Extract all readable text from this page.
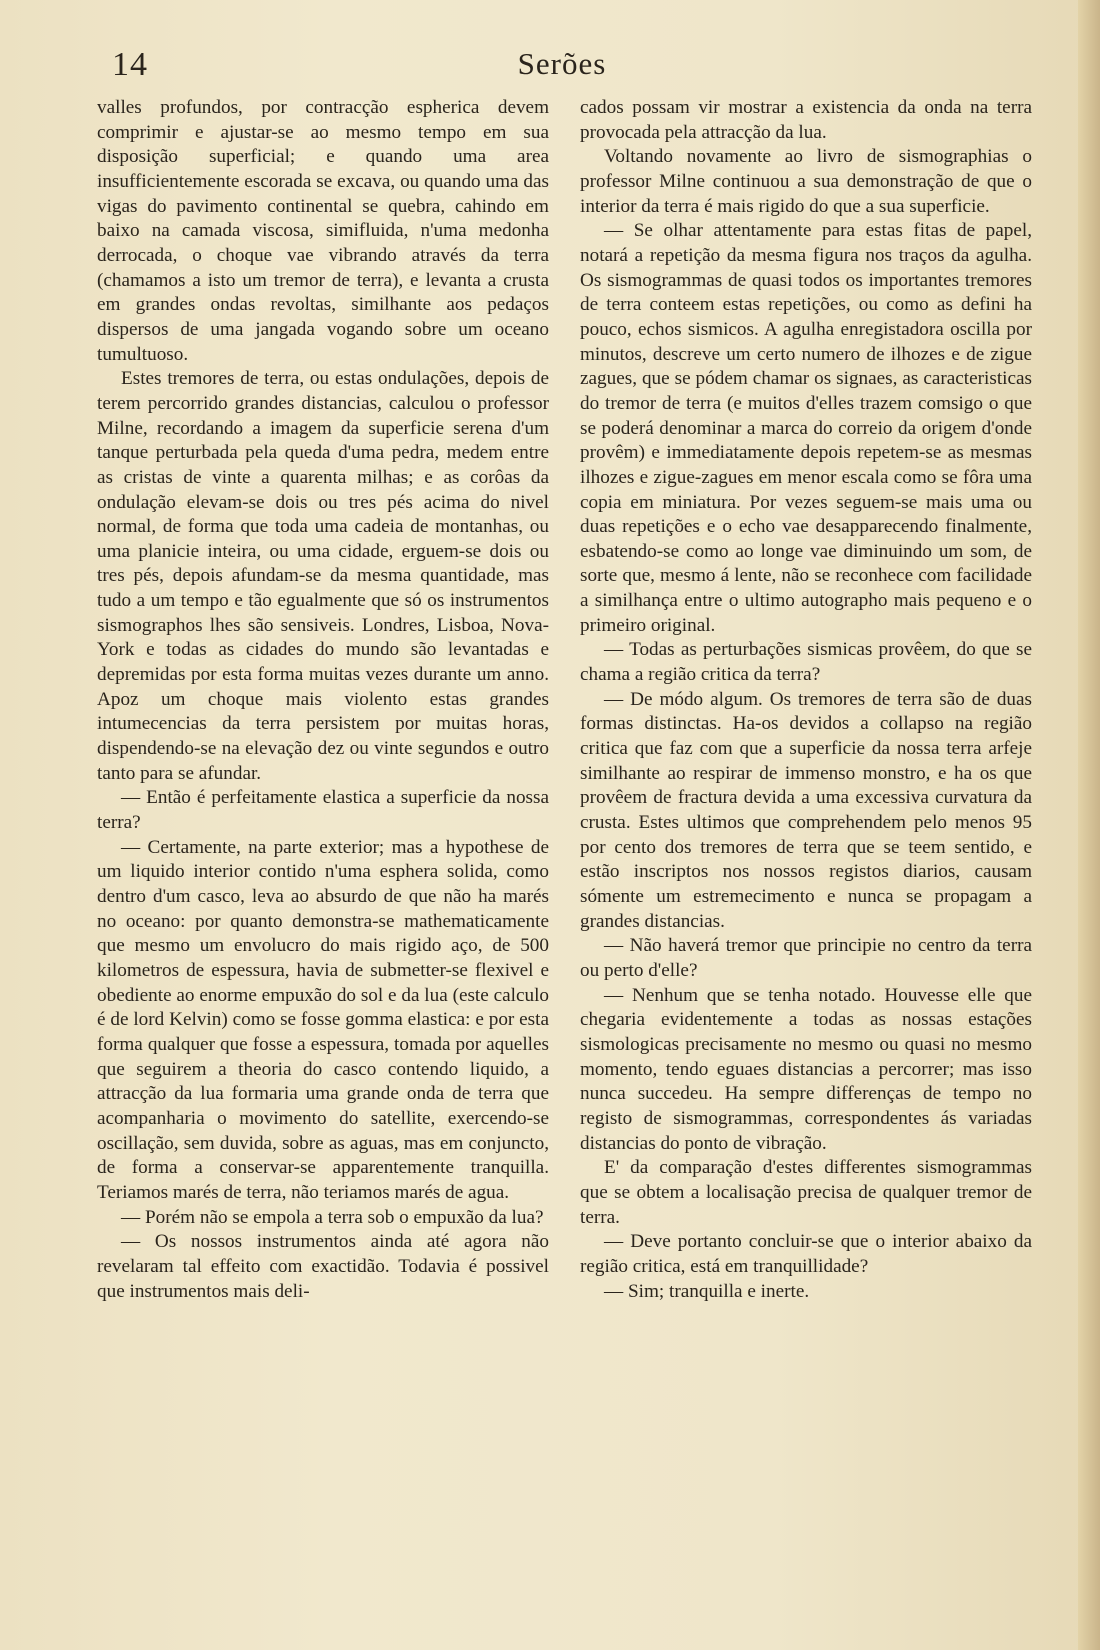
14	Serões

valles profundos, por contracção espherica devem comprimir e ajustar-se ao mesmo tempo em sua disposição superficial; e quando uma area insufficientemente escorada se excava, ou quando uma das vigas do pavimento continental se quebra, cahindo em baixo na camada viscosa, simifluida, n'uma medonha derrocada, o choque vae vibrando através da terra (chamamos a isto um tremor de terra), e levanta a crusta em grandes ondas revoltas, similhante aos pedaços dispersos de uma jangada vogando sobre um oceano tumultuoso.

Estes tremores de terra, ou estas ondulações, depois de terem percorrido grandes distancias, calculou o professor Milne, recordando a imagem da superficie serena d'um tanque perturbada pela queda d'uma pedra, medem entre as cristas de vinte a quarenta milhas; e as corôas da ondulação elevam-se dois ou tres pés acima do nivel normal, de forma que toda uma cadeia de montanhas, ou uma planicie inteira, ou uma cidade, erguem-se dois ou tres pés, depois afundam-se da mesma quantidade, mas tudo a um tempo e tão egualmente que só os instrumentos sismographos lhes são sensiveis. Londres, Lisboa, Nova-York e todas as cidades do mundo são levantadas e depremidas por esta forma muitas vezes durante um anno. Apoz um choque mais violento estas grandes intumecencias da terra persistem por muitas horas, dispendendo-se na elevação dez ou vinte segundos e outro tanto para se afundar.

— Então é perfeitamente elastica a superficie da nossa terra?

— Certamente, na parte exterior; mas a hypothese de um liquido interior contido n'uma esphera solida, como dentro d'um casco, leva ao absurdo de que não ha marés no oceano: por quanto demonstra-se mathematicamente que mesmo um envolucro do mais rigido aço, de 500 kilometros de espessura, havia de submetter-se flexivel e obediente ao enorme empuxão do sol e da lua (este calculo é de lord Kelvin) como se fosse gomma elastica: e por esta forma qualquer que fosse a espessura, tomada por aquelles que seguirem a theoria do casco contendo liquido, a attracção da lua formaria uma grande onda de terra que acompanharia o movimento do satellite, exercendo-se oscillação, sem duvida, sobre as aguas, mas em conjuncto, de forma a conservar-se apparentemente tranquilla. Teriamos marés de terra, não teriamos marés de agua.

— Porém não se empola a terra sob o empuxão da lua?

— Os nossos instrumentos ainda até agora não revelaram tal effeito com exactidão. Todavia é possivel que instrumentos mais deli-

cados possam vir mostrar a existencia da onda na terra provocada pela attracção da lua.

Voltando novamente ao livro de sismographias o professor Milne continuou a sua demonstração de que o interior da terra é mais rigido do que a sua superficie.

— Se olhar attentamente para estas fitas de papel, notará a repetição da mesma figura nos traços da agulha. Os sismogrammas de quasi todos os importantes tremores de terra conteem estas repetições, ou como as defini ha pouco, echos sismicos. A agulha enregistadora oscilla por minutos, descreve um certo numero de ilhozes e de zigue zagues, que se pódem chamar os signaes, as caracteristicas do tremor de terra (e muitos d'elles trazem comsigo o que se poderá denominar a marca do correio da origem d'onde provêm) e immediatamente depois repetem-se as mesmas ilhozes e zigue-zagues em menor escala como se fôra uma copia em miniatura. Por vezes seguem-se mais uma ou duas repetições e o echo vae desapparecendo finalmente, esbatendo-se como ao longe vae diminuindo um som, de sorte que, mesmo á lente, não se reconhece com facilidade a similhança entre o ultimo autographo mais pequeno e o primeiro original.

— Todas as perturbações sismicas provêem, do que se chama a região critica da terra?

— De módo algum. Os tremores de terra são de duas formas distinctas. Ha-os devidos a collapso na região critica que faz com que a superficie da nossa terra arfeje similhante ao respirar de immenso monstro, e ha os que provêem de fractura devida a uma excessiva curvatura da crusta. Estes ultimos que comprehendem pelo menos 95 por cento dos tremores de terra que se teem sentido, e estão inscriptos nos nossos registos diarios, causam sómente um estremecimento e nunca se propagam a grandes distancias.

— Não haverá tremor que principie no centro da terra ou perto d'elle?

— Nenhum que se tenha notado. Houvesse elle que chegaria evidentemente a todas as nossas estações sismologicas precisamente no mesmo ou quasi no mesmo momento, tendo eguaes distancias a percorrer; mas isso nunca succedeu. Ha sempre differenças de tempo no registo de sismogrammas, correspondentes ás variadas distancias do ponto de vibração.

E' da comparação d'estes differentes sismogrammas que se obtem a localisação precisa de qualquer tremor de terra.

— Deve portanto concluir-se que o interior abaixo da região critica, está em tranquillidade?

— Sim; tranquilla e inerte.
